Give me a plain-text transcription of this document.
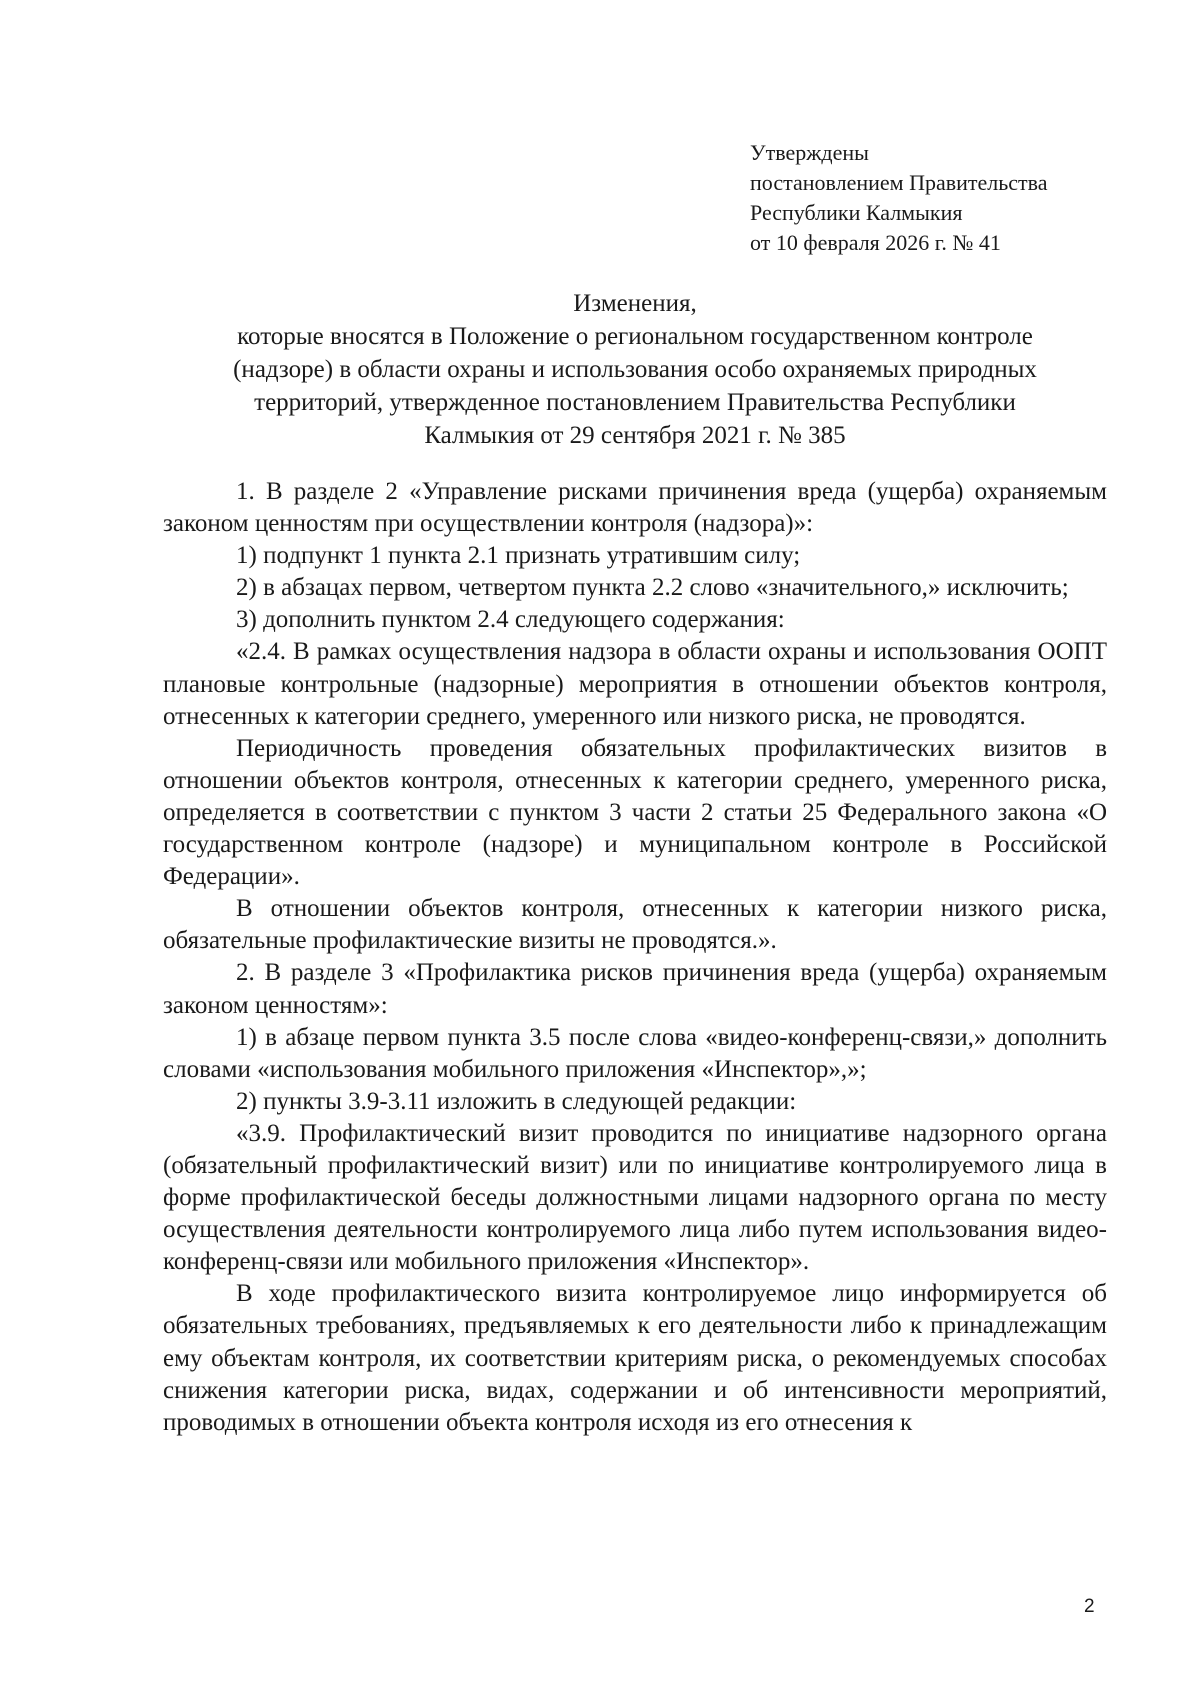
Утверждены
постановлением Правительства
Республики Калмыкия
от 10 февраля 2026 г. № 41
Изменения,
которые вносятся в Положение о региональном государственном контроле
(надзоре) в области охраны и использования особо охраняемых природных
территорий, утвержденное постановлением Правительства Республики
Калмыкия от 29 сентября 2021 г. № 385

1. В разделе 2 «Управление рисками причинения вреда (ущерба) охраняемым законом ценностям при осуществлении контроля (надзора)»:

1) подпункт 1 пункта 2.1 признать утратившим силу;

2) в абзацах первом, четвертом пункта 2.2 слово «значительного,» исключить;

3) дополнить пунктом 2.4 следующего содержания:

«2.4. В рамках осуществления надзора в области охраны и использования ООПТ плановые контрольные (надзорные) мероприятия в отношении объектов контроля, отнесенных к категории среднего, умеренного или низкого риска, не проводятся.

Периодичность проведения обязательных профилактических визитов в отношении объектов контроля, отнесенных к категории среднего, умеренного риска, определяется в соответствии с пунктом 3 части 2 статьи 25 Федерального закона «О государственном контроле (надзоре) и муниципальном контроле в Российской Федерации».

В отношении объектов контроля, отнесенных к категории низкого риска, обязательные профилактические визиты не проводятся.».

2. В разделе 3 «Профилактика рисков причинения вреда (ущерба) охраняемым законом ценностям»:

1) в абзаце первом пункта 3.5 после слова «видео-конференц-связи,» дополнить словами «использования мобильного приложения «Инспектор»,»;

2) пункты 3.9-3.11 изложить в следующей редакции:

«3.9. Профилактический визит проводится по инициативе надзорного органа (обязательный профилактический визит) или по инициативе контролируемого лица в форме профилактической беседы должностными лицами надзорного органа по месту осуществления деятельности контролируемого лица либо путем использования видео-конференц-связи или мобильного приложения «Инспектор».

В ходе профилактического визита контролируемое лицо информируется об обязательных требованиях, предъявляемых к его деятельности либо к принадлежащим ему объектам контроля, их соответствии критериям риска, о рекомендуемых способах снижения категории риска, видах, содержании и об интенсивности мероприятий, проводимых в отношении объекта контроля исходя из его отнесения к

2
